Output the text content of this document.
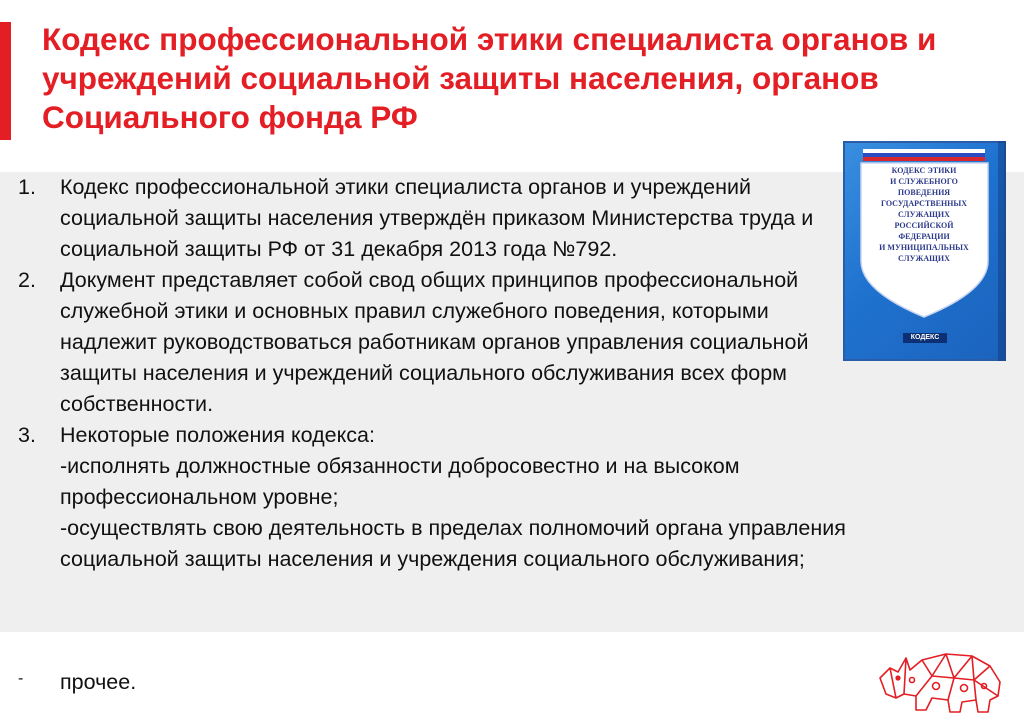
Кодекс профессиональной этики специалиста органов и учреждений социальной защиты населения, органов Социального фонда РФ
1. Кодекс профессиональной этики специалиста органов и учреждений социальной защиты населения утверждён приказом Министерства труда и социальной защиты РФ от 31 декабря 2013 года №792.
2. Документ представляет собой свод общих принципов профессиональной служебной этики и основных правил служебного поведения, которыми надлежит руководствоваться работникам органов управления социальной защиты населения и учреждений социального обслуживания всех форм собственности.
3. Некоторые положения кодекса:
-исполнять должностные обязанности добросовестно и на высоком профессиональном уровне;
-осуществлять свою деятельность в пределах полномочий органа управления социальной защиты населения и учреждения социального обслуживания;

-	прочее.

КОДЕКС ЭТИКИ
И СЛУЖЕБНОГО ПОВЕДЕНИЯ
ГОСУДАРСТВЕННЫХ
СЛУЖАЩИХ
РОССИЙСКОЙ
ФЕДЕРАЦИИ
И МУНИЦИПАЛЬНЫХ
СЛУЖАЩИХ
КОДЕКС
